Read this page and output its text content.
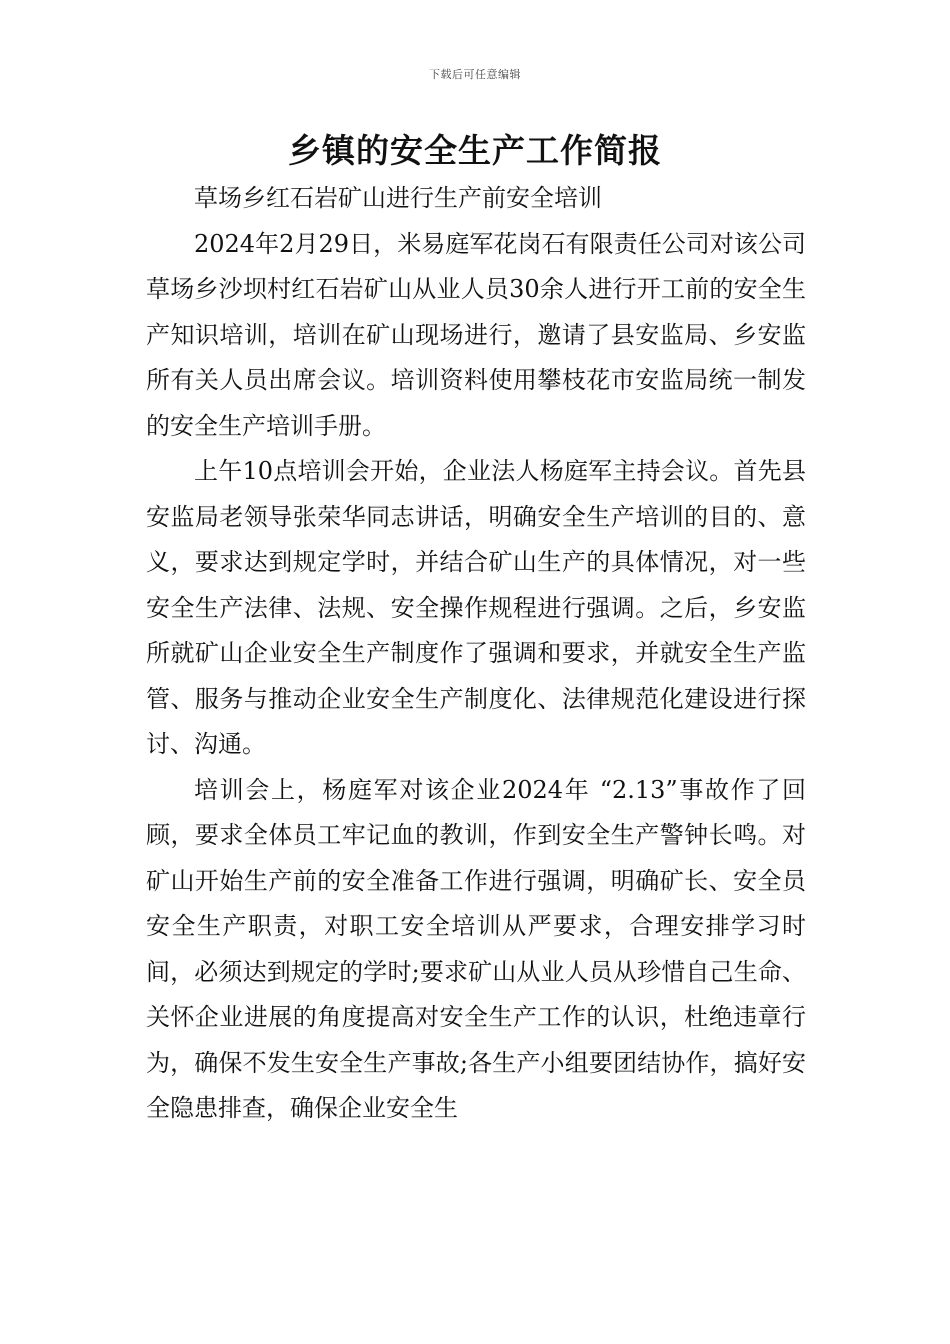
下载后可任意编辑
乡镇的安全生产工作简报

草场乡红石岩矿山进行生产前安全培训

2024年2月29日，米易庭军花岗石有限责任公司对该公司草场乡沙坝村红石岩矿山从业人员30余人进行开工前的安全生产知识培训，培训在矿山现场进行，邀请了县安监局、乡安监所有关人员出席会议。培训资料使用攀枝花市安监局统一制发的安全生产培训手册。

上午10点培训会开始，企业法人杨庭军主持会议。首先县安监局老领导张荣华同志讲话，明确安全生产培训的目的、意义，要求达到规定学时，并结合矿山生产的具体情况，对一些安全生产法律、法规、安全操作规程进行强调。之后，乡安监所就矿山企业安全生产制度作了强调和要求，并就安全生产监管、服务与推动企业安全生产制度化、法律规范化建设进行探讨、沟通。

培训会上，杨庭军对该企业2024年 “2.13”事故作了回顾，要求全体员工牢记血的教训，作到安全生产警钟长鸣。对矿山开始生产前的安全准备工作进行强调，明确矿长、安全员安全生产职责，对职工安全培训从严要求，合理安排学习时间，必须达到规定的学时;要求矿山从业人员从珍惜自己生命、关怀企业进展的角度提高对安全生产工作的认识，杜绝违章行为，确保不发生安全生产事故;各生产小组要团结协作，搞好安全隐患排查，确保企业安全生
